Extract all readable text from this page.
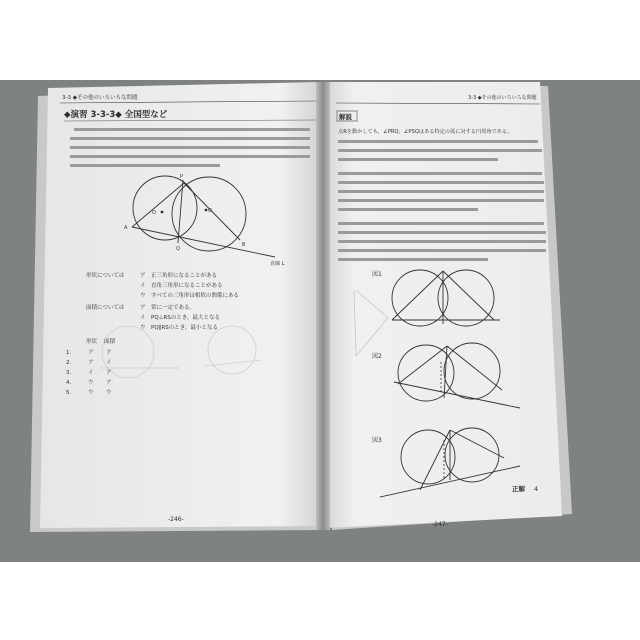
3-3 ◆その他のいろいろな問題
◆演習 3-3-3◆ 全国型など
A
P
O	O
B
Q
直線 L
形状については	ア　正三角形になることがある
イ　直角三角形になることがある
ウ　すべての三角形は相似の関係にある
面積については	ア　常に一定である。
イ　PQ⊥RSのとき，最大となる
ウ　PQ∥RSのとき，最小となる
形状 面積
1.	ア ア
2.	ア イ
3.	イ ア
4.	ウ ア
5.	ウ ウ
-246-
3-3 ◆その他のいろいろな問題
解説
点Rを動かしても，∠PRQ，∠PSQはある特定の弧に対する円周角である。
図1
図2
図3
正解 4
-247-
